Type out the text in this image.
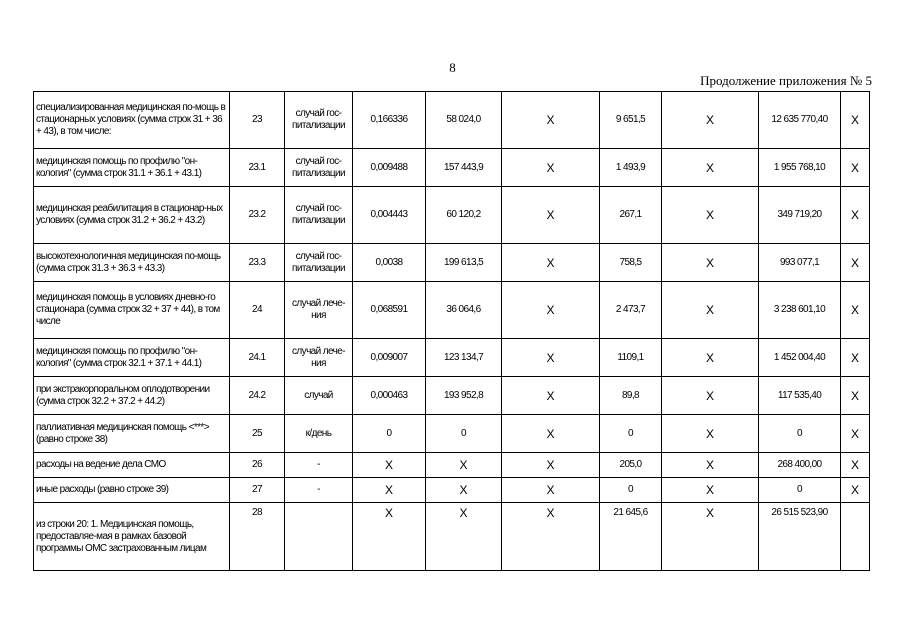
8
Продолжение приложения № 5
специализированная медицинская по-мощь в стационарных условиях (сумма строк 31 + 36 + 43), в том числе:	23	случай гос-питализации	0,166336	58 024,0	X	9 651,5	X	12 635 770,40	X
медицинская помощь по профилю "он-кология" (сумма строк 31.1 + 36.1 + 43.1)	23.1	случай гос-питализации	0,009488	157 443,9	X	1 493,9	X	1 955 768,10	X
медицинская реабилитация в стационар-ных условиях (сумма строк 31.2 + 36.2 + 43.2)	23.2	случай гос-питализации	0,004443	60 120,2	X	267,1	X	349 719,20	X
высокотехнологичная медицинская по-мощь (сумма строк 31.3 + 36.3 + 43.3)	23.3	случай гос-питализации	0,0038	199 613,5	X	758,5	X	993 077,1	X
медицинская помощь в условиях дневно-го стационара (сумма строк 32 + 37 + 44), в том числе	24	случай лече-ния	0,068591	36 064,6	X	2 473,7	X	3 238 601,10	X
медицинская помощь по профилю "он-кология" (сумма строк 32.1 + 37.1 + 44.1)	24.1	случай лече-ния	0,009007	123 134,7	X	1109,1	X	1 452 004,40	X
при экстракорпоральном оплодотворении (сумма строк 32.2 + 37.2 + 44.2)	24.2	случай	0,000463	193 952,8	X	89,8	X	117 535,40	X
паллиативная медицинская помощь <***> (равно строке 38)	25	к/день	0	0	X	0	X	0	X
расходы на ведение дела СМО	26	-	X	X	X	205,0	X	268 400,00	X
иные расходы (равно строке 39)	27	-	X	X	X	0	X	0	X
из строки 20: 1. Медицинская помощь, предоставляе-мая в рамках базовой программы ОМС застрахованным лицам	28		X	X	X	21 645,6	X	26 515 523,90	
